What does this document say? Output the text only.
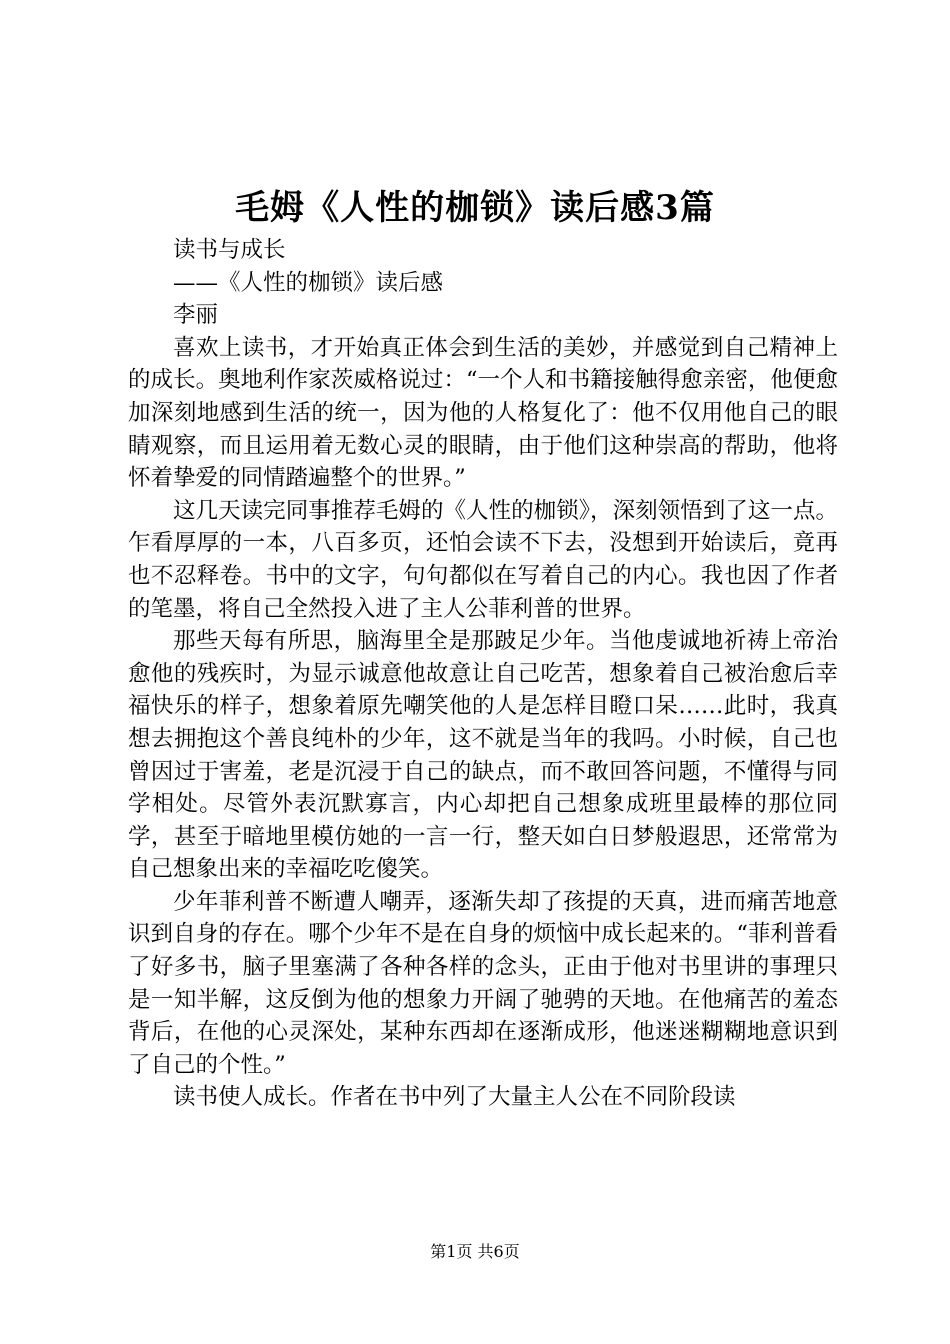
毛姆《人性的枷锁》读后感3篇

读书与成长

——《人性的枷锁》读后感

李丽

喜欢上读书，才开始真正体会到生活的美妙，并感觉到自己精神上的成长。奥地利作家茨威格说过：“一个人和书籍接触得愈亲密，他便愈加深刻地感到生活的统一，因为他的人格复化了：他不仅用他自己的眼睛观察，而且运用着无数心灵的眼睛，由于他们这种崇高的帮助，他将怀着挚爱的同情踏遍整个的世界。”

这几天读完同事推荐毛姆的《人性的枷锁》，深刻领悟到了这一点。乍看厚厚的一本，八百多页，还怕会读不下去，没想到开始读后，竟再也不忍释卷。书中的文字，句句都似在写着自己的内心。我也因了作者的笔墨，将自己全然投入进了主人公菲利普的世界。

那些天每有所思，脑海里全是那跛足少年。当他虔诚地祈祷上帝治愈他的残疾时，为显示诚意他故意让自己吃苦，想象着自己被治愈后幸福快乐的样子，想象着原先嘲笑他的人是怎样目瞪口呆……此时，我真想去拥抱这个善良纯朴的少年，这不就是当年的我吗。小时候，自己也曾因过于害羞，老是沉浸于自己的缺点，而不敢回答问题，不懂得与同学相处。尽管外表沉默寡言，内心却把自己想象成班里最棒的那位同学，甚至于暗地里模仿她的一言一行，整天如白日梦般遐思，还常常为自己想象出来的幸福吃吃傻笑。

少年菲利普不断遭人嘲弄，逐渐失却了孩提的天真，进而痛苦地意识到自身的存在。哪个少年不是在自身的烦恼中成长起来的。“菲利普看了好多书，脑子里塞满了各种各样的念头，正由于他对书里讲的事理只是一知半解，这反倒为他的想象力开阔了驰骋的天地。在他痛苦的羞态背后，在他的心灵深处，某种东西却在逐渐成形，他迷迷糊糊地意识到了自己的个性。”

读书使人成长。作者在书中列了大量主人公在不同阶段读

第1页 共6页
